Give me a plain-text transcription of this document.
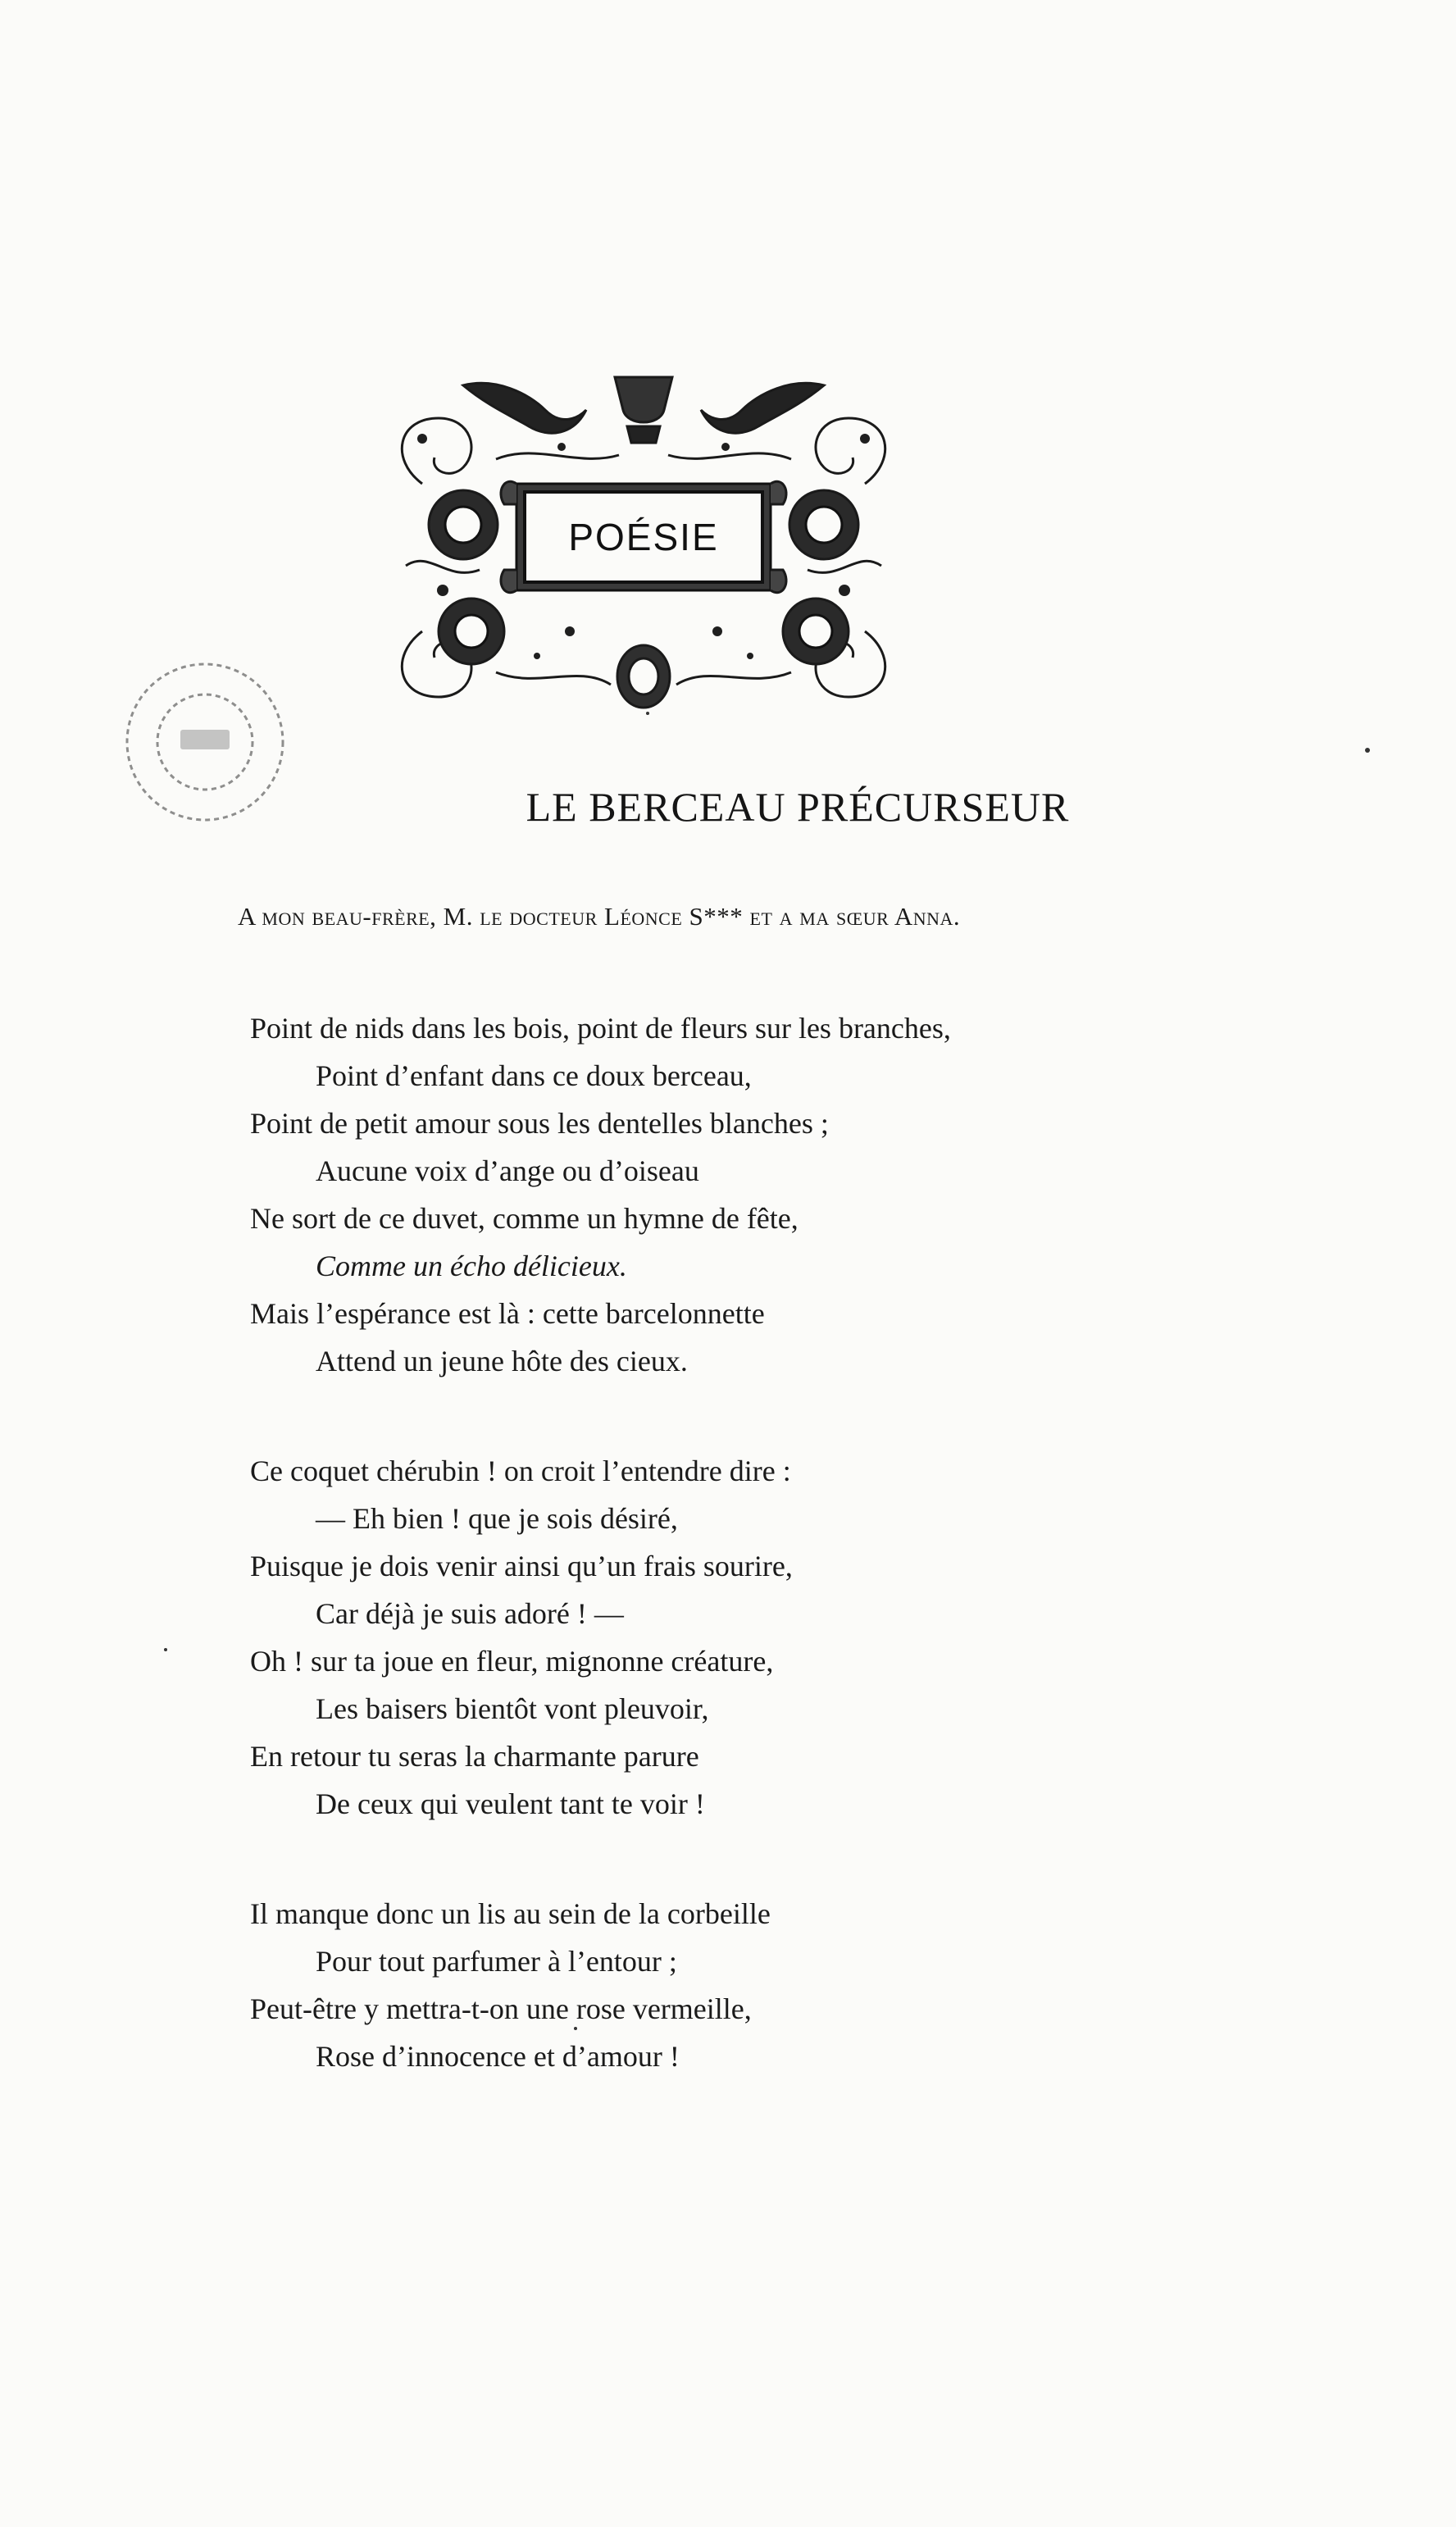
POÉSIE
LE BERCEAU PRÉCURSEUR
A mon beau-frère, M. le docteur Léonce S*** et a ma sœur Anna.
Point de nids dans les bois, point de fleurs sur les branches,
Point d’enfant dans ce doux berceau,
Point de petit amour sous les dentelles blanches ;
Aucune voix d’ange ou d’oiseau
Ne sort de ce duvet, comme un hymne de fête,
Comme un écho délicieux.
Mais l’espérance est là : cette barcelonnette
Attend un jeune hôte des cieux.
Ce coquet chérubin ! on croit l’entendre dire :
— Eh bien ! que je sois désiré,
Puisque je dois venir ainsi qu’un frais sourire,
Car déjà je suis adoré ! —
Oh ! sur ta joue en fleur, mignonne créature,
Les baisers bientôt vont pleuvoir,
En retour tu seras la charmante parure
De ceux qui veulent tant te voir !
Il manque donc un lis au sein de la corbeille
Pour tout parfumer à l’entour ;
Peut-être y mettra-t-on une rose vermeille,
Rose d’innocence et d’amour !
